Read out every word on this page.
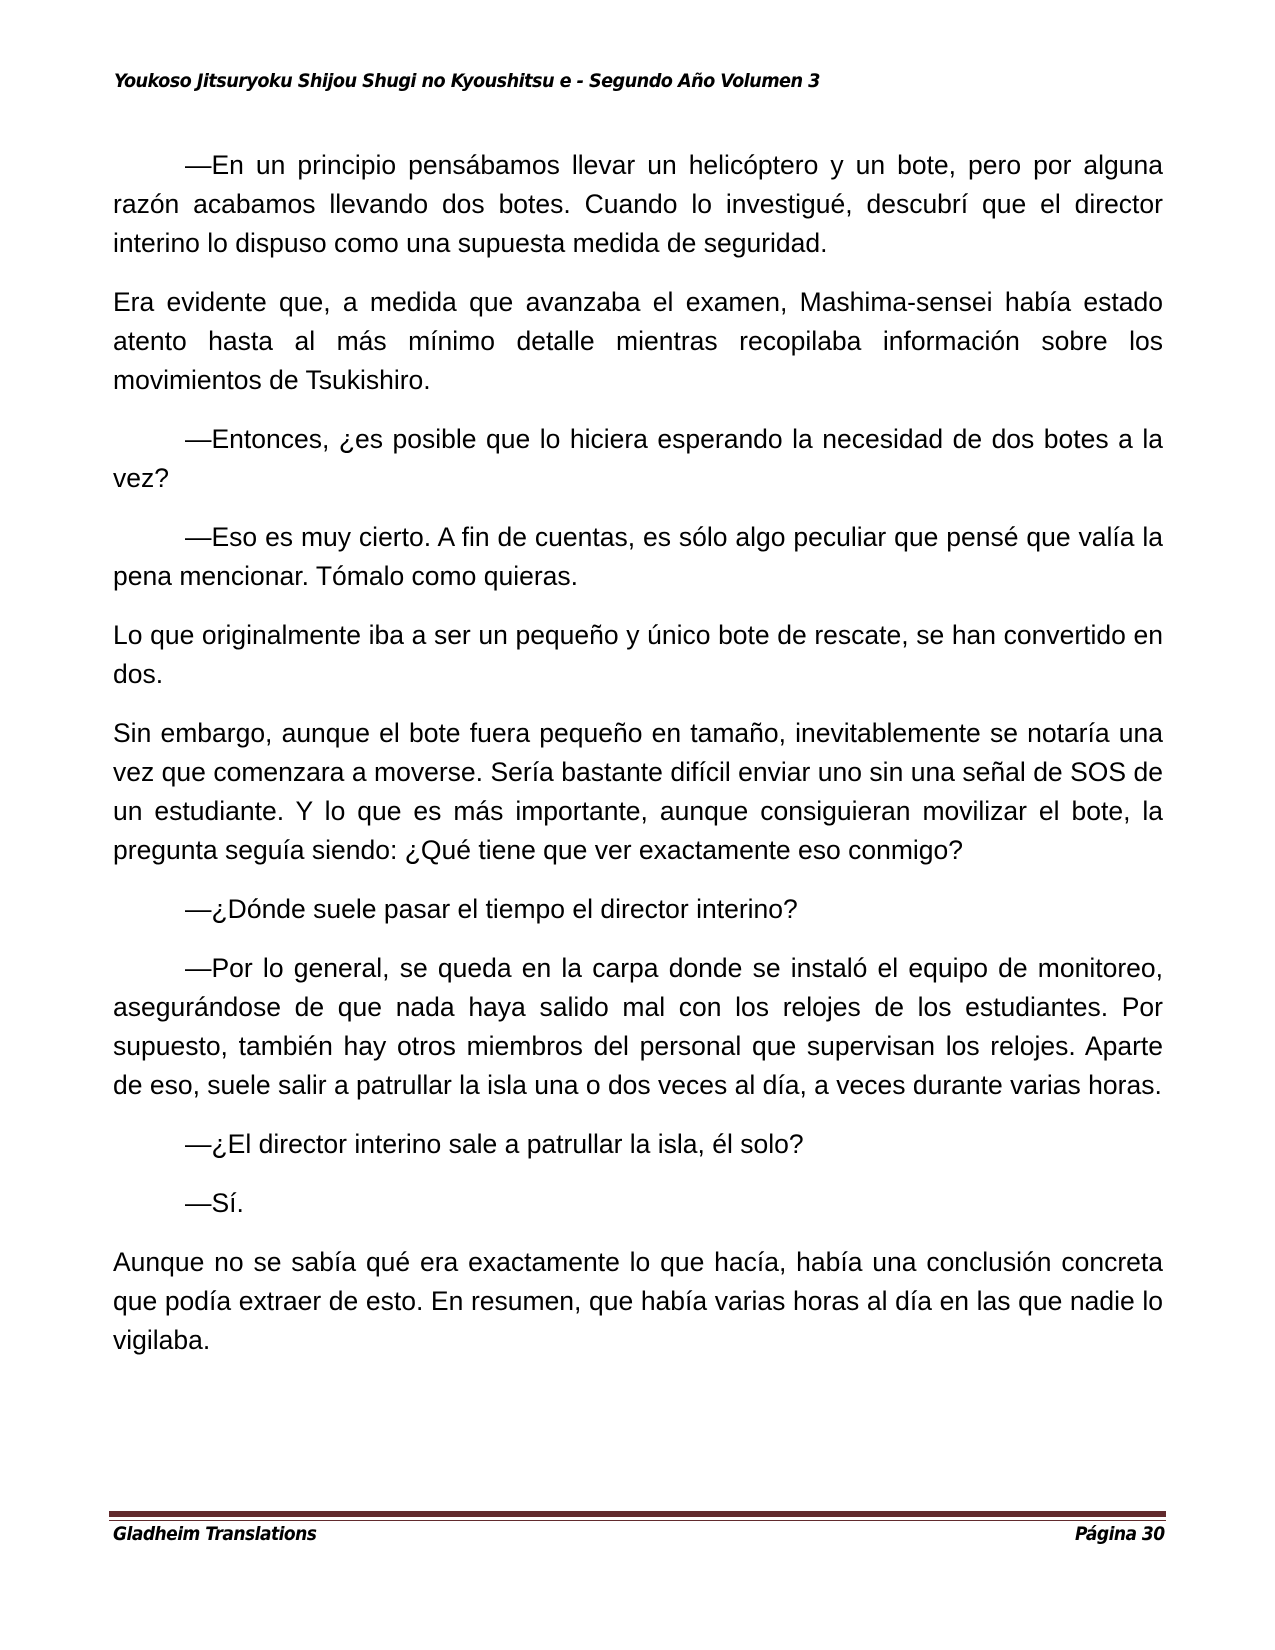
Youkoso Jitsuryoku Shijou Shugi no Kyoushitsu e - Segundo Año Volumen 3

—En un principio pensábamos llevar un helicóptero y un bote, pero por alguna razón acabamos llevando dos botes. Cuando lo investigué, descubrí que el director interino lo dispuso como una supuesta medida de seguridad.

Era evidente que, a medida que avanzaba el examen, Mashima-sensei había estado atento hasta al más mínimo detalle mientras recopilaba información sobre los movimientos de Tsukishiro.

—Entonces, ¿es posible que lo hiciera esperando la necesidad de dos botes a la vez?

—Eso es muy cierto. A fin de cuentas, es sólo algo peculiar que pensé que valía la pena mencionar. Tómalo como quieras.

Lo que originalmente iba a ser un pequeño y único bote de rescate, se han convertido en dos.

Sin embargo, aunque el bote fuera pequeño en tamaño, inevitablemente se notaría una vez que comenzara a moverse. Sería bastante difícil enviar uno sin una señal de SOS de un estudiante. Y lo que es más importante, aunque consiguieran movilizar el bote, la pregunta seguía siendo: ¿Qué tiene que ver exactamente eso conmigo?

—¿Dónde suele pasar el tiempo el director interino?

—Por lo general, se queda en la carpa donde se instaló el equipo de monitoreo, asegurándose de que nada haya salido mal con los relojes de los estudiantes. Por supuesto, también hay otros miembros del personal que supervisan los relojes. Aparte de eso, suele salir a patrullar la isla una o dos veces al día, a veces durante varias horas.

—¿El director interino sale a patrullar la isla, él solo?

—Sí.

Aunque no se sabía qué era exactamente lo que hacía, había una conclusión concreta que podía extraer de esto. En resumen, que había varias horas al día en las que nadie lo vigilaba.

Gladheim Translations	Página 30
